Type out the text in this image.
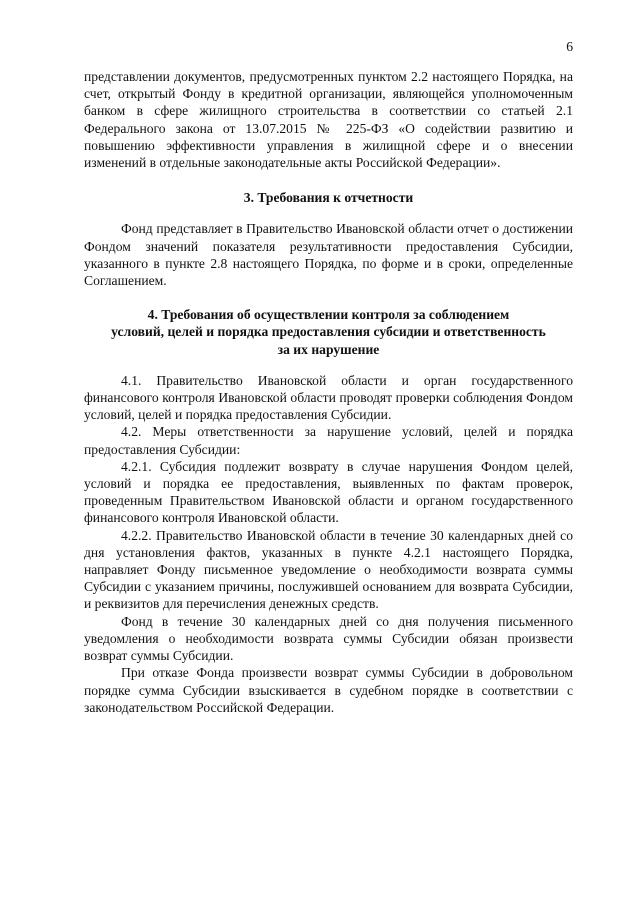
6

представлении документов, предусмотренных пунктом 2.2 настоящего Порядка, на счет, открытый Фонду в кредитной организации, являющейся уполномоченным банком в сфере жилищного строительства в соответствии со статьей 2.1 Федерального закона от 13.07.2015 № 225-ФЗ «О содействии развитию и повышению эффективности управления в жилищной сфере и о внесении изменений в отдельные законодательные акты Российской Федерации».

3. Требования к отчетности

Фонд представляет в Правительство Ивановской области отчет о достижении Фондом значений показателя результативности предоставления Субсидии, указанного в пункте 2.8 настоящего Порядка, по форме и в сроки, определенные Соглашением.

4. Требования об осуществлении контроля за соблюдением
условий, целей и порядка предоставления субсидии и ответственность
за их нарушение

4.1. Правительство Ивановской области и орган государственного финансового контроля Ивановской области проводят проверки соблюдения Фондом условий, целей и порядка предоставления Субсидии.

4.2. Меры ответственности за нарушение условий, целей и порядка предоставления Субсидии:

4.2.1. Субсидия подлежит возврату в случае нарушения Фондом целей, условий и порядка ее предоставления, выявленных по фактам проверок, проведенным Правительством Ивановской области и органом государственного финансового контроля Ивановской области.

4.2.2. Правительство Ивановской области в течение 30 календарных дней со дня установления фактов, указанных в пункте 4.2.1 настоящего Порядка, направляет Фонду письменное уведомление о необходимости возврата суммы Субсидии с указанием причины, послужившей основанием для возврата Субсидии, и реквизитов для перечисления денежных средств.

Фонд в течение 30 календарных дней со дня получения письменного уведомления о необходимости возврата суммы Субсидии обязан произвести возврат суммы Субсидии.

При отказе Фонда произвести возврат суммы Субсидии в добровольном порядке сумма Субсидии взыскивается в судебном порядке в соответствии с законодательством Российской Федерации.
